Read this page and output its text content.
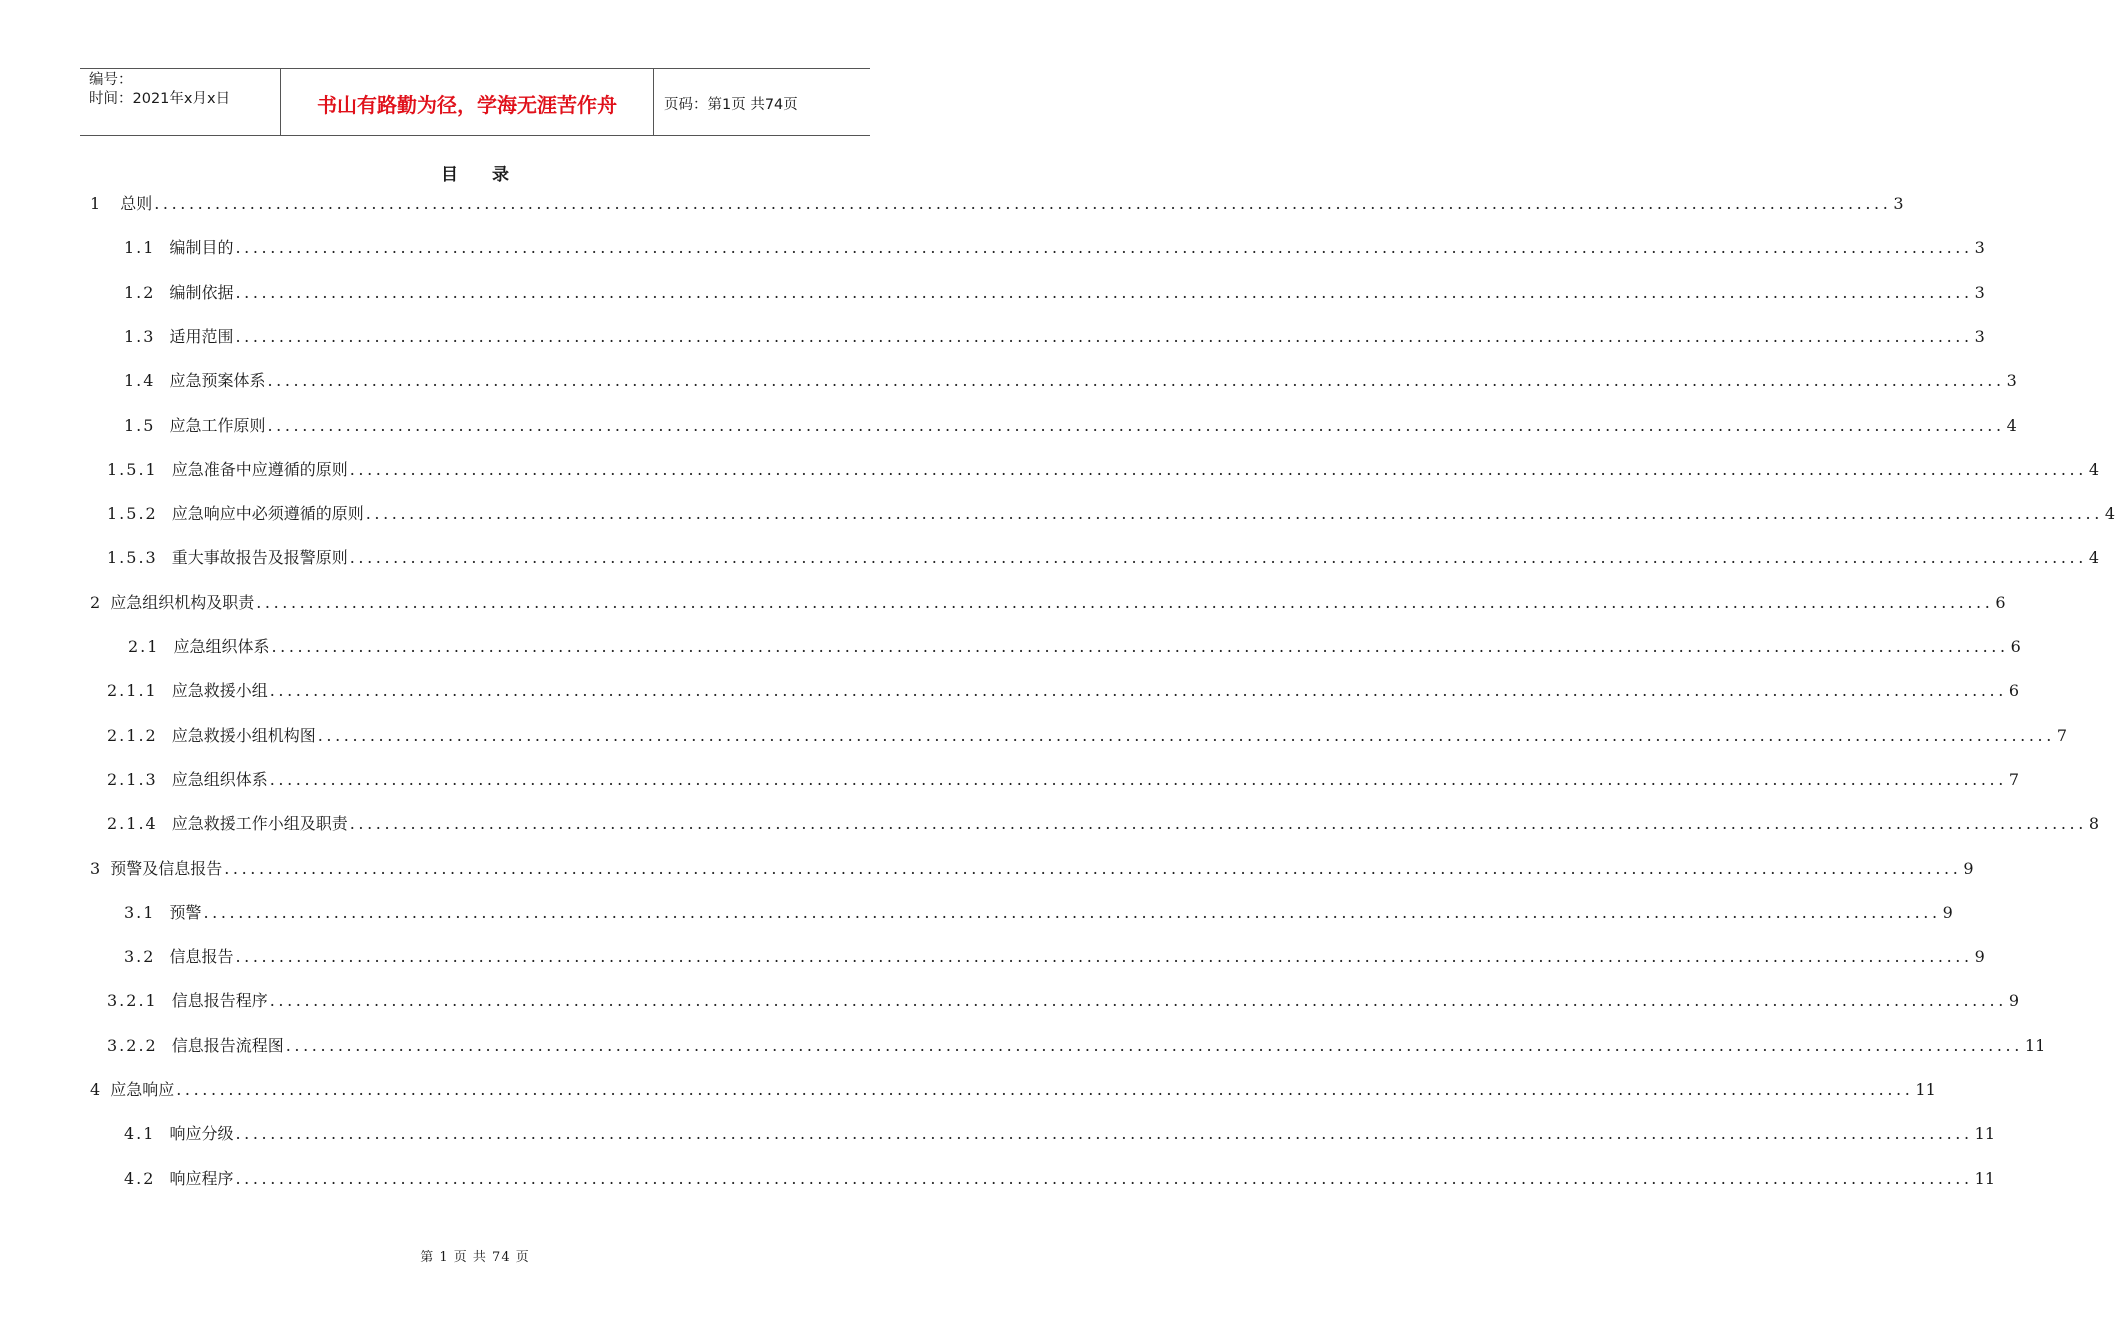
编号：
时间：2021年x月x日	书山有路勤为径，学海无涯苦作舟	页码：第1页 共74页
目 录
1 总则 ........................................................................................................................................................................................................ 3
1.1 编制目的 ........................................................................................................................................................................................................ 3
1.2 编制依据 ........................................................................................................................................................................................................ 3
1.3 适用范围 ........................................................................................................................................................................................................ 3
1.4 应急预案体系 ........................................................................................................................................................................................................ 3
1.5 应急工作原则 ........................................................................................................................................................................................................ 4
1.5.1 应急准备中应遵循的原则 ........................................................................................................................................................................................................ 4
1.5.2 应急响应中必须遵循的原则 ........................................................................................................................................................................................................ 4
1.5.3 重大事故报告及报警原则 ........................................................................................................................................................................................................ 4
2 应急组织机构及职责 ........................................................................................................................................................................................................ 6
2.1 应急组织体系 ........................................................................................................................................................................................................ 6
2.1.1 应急救援小组 ........................................................................................................................................................................................................ 6
2.1.2 应急救援小组机构图 ........................................................................................................................................................................................................ 7
2.1.3 应急组织体系 ........................................................................................................................................................................................................ 7
2.1.4 应急救援工作小组及职责 ........................................................................................................................................................................................................ 8
3 预警及信息报告 ........................................................................................................................................................................................................ 9
3.1 预警 ........................................................................................................................................................................................................ 9
3.2 信息报告 ........................................................................................................................................................................................................ 9
3.2.1 信息报告程序 ........................................................................................................................................................................................................ 9
3.2.2 信息报告流程图 ........................................................................................................................................................................................................ 11
4 应急响应 ........................................................................................................................................................................................................ 11
4.1 响应分级 ........................................................................................................................................................................................................ 11
4.2 响应程序 ........................................................................................................................................................................................................ 11
第 1 页 共 74 页
